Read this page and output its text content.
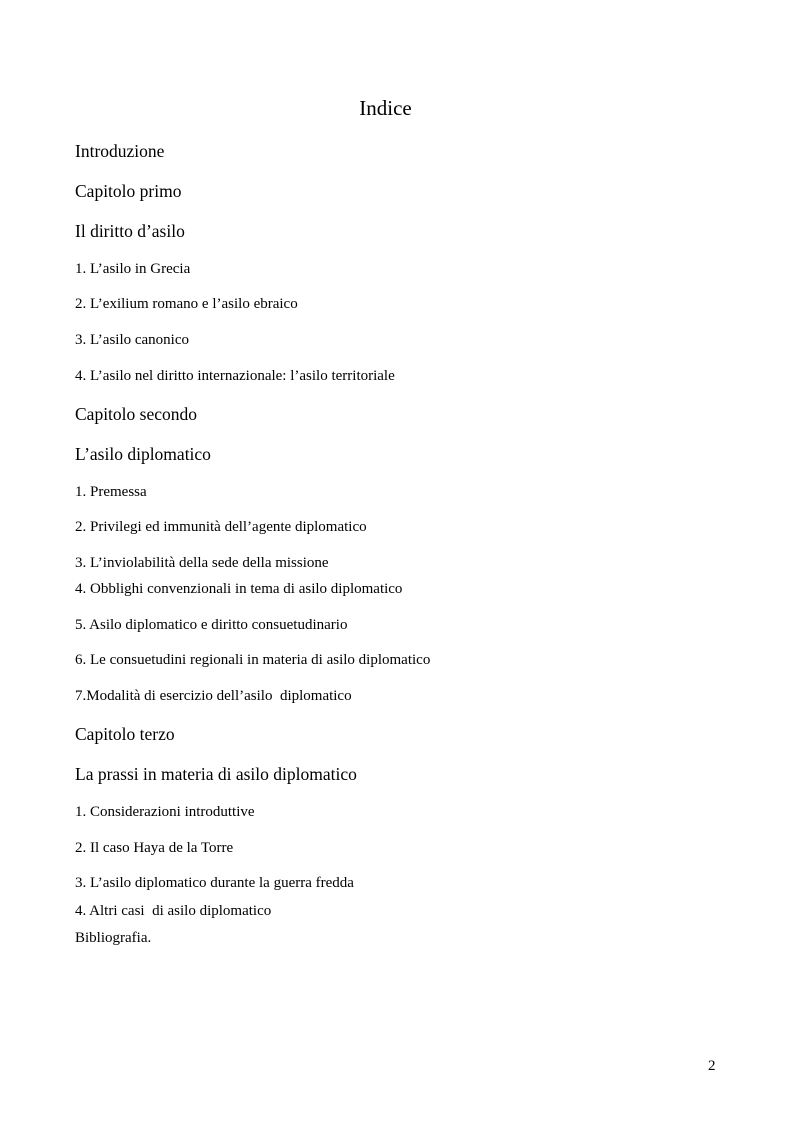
Indice
Introduzione
Capitolo primo
Il diritto d’asilo
1. L’asilo in Grecia
2. L’exilium romano e l’asilo ebraico
3. L’asilo canonico
4. L’asilo nel diritto internazionale: l’asilo territoriale
Capitolo secondo
L’asilo diplomatico
1. Premessa
2. Privilegi ed immunità dell’agente diplomatico
3. L’inviolabilità della sede della missione
4. Obblighi convenzionali in tema di asilo diplomatico
5. Asilo diplomatico e diritto consuetudinario
6. Le consuetudini regionali in materia di asilo diplomatico
7.Modalità di esercizio dell’asilo  diplomatico
Capitolo terzo
La prassi in materia di asilo diplomatico
1. Considerazioni introduttive
2. Il caso Haya de la Torre
3. L’asilo diplomatico durante la guerra fredda
4. Altri casi  di asilo diplomatico
Bibliografia.
2
